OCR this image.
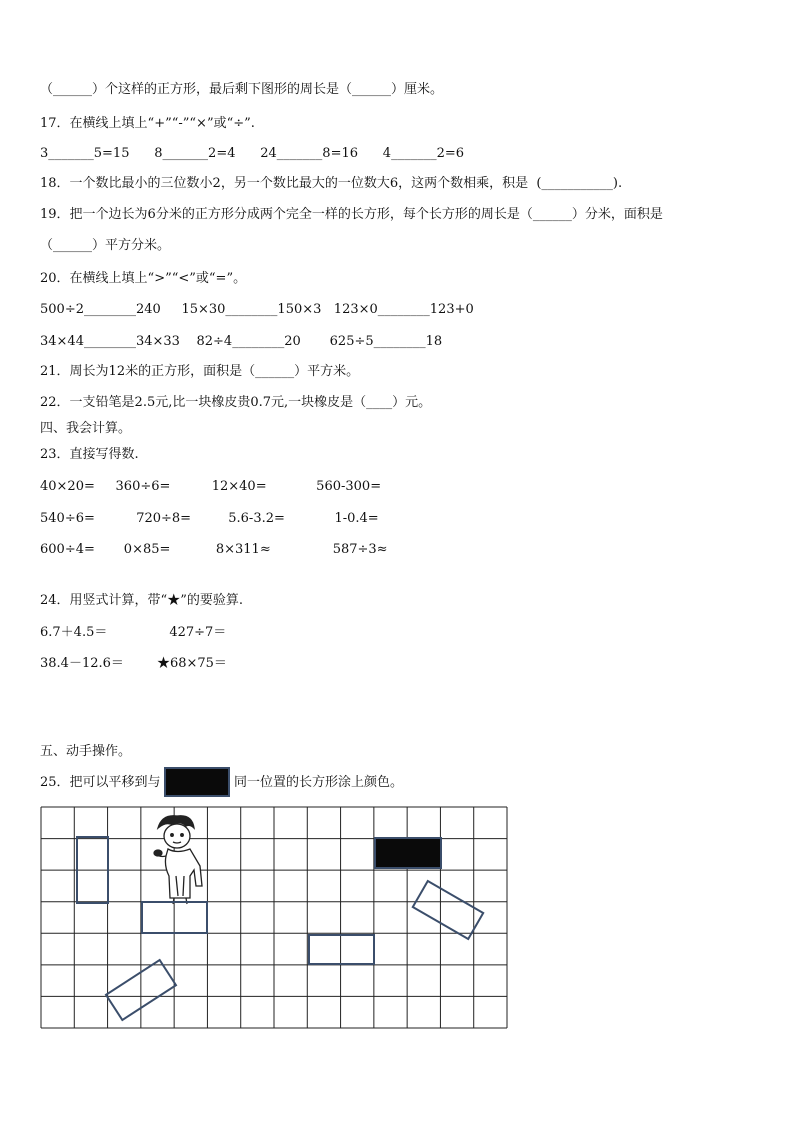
（______）个这样的正方形，最后剩下图形的周长是（______）厘米。
17．在横线上填上“+”“-”“×”或“÷”.
3_______5=15      8_______2=4      24_______8=16      4_______2=6
18．一个数比最小的三位数小2，另一个数比最大的一位数大6，这两个数相乘，积是  (___________).
19．把一个边长为6分米的正方形分成两个完全一样的长方形，每个长方形的周长是（______）分米，面积是
（______）平方分米。
20．在横线上填上“>”“<”或“=”。
500÷2________240     15×30________150×3   123×0________123+0
34×44________34×33    82÷4________20       625÷5________18
21．周长为12米的正方形，面积是（______）平方米。
22．一支铅笔是2.5元,比一块橡皮贵0.7元,一块橡皮是（____）元。
四、我会计算。
23．直接写得数.
40×20=     360÷6=          12×40=            560-300=
540÷6=          720÷8=         5.6-3.2=            1-0.4=
600÷4=       0×85=           8×311≈               587÷3≈
24．用竖式计算，带“★”的要验算.
6.7＋4.5＝               427÷7＝
38.4－12.6＝        ★68×75＝
五、动手操作。
25．把可以平移到与	同一位置的长方形涂上颜色。
